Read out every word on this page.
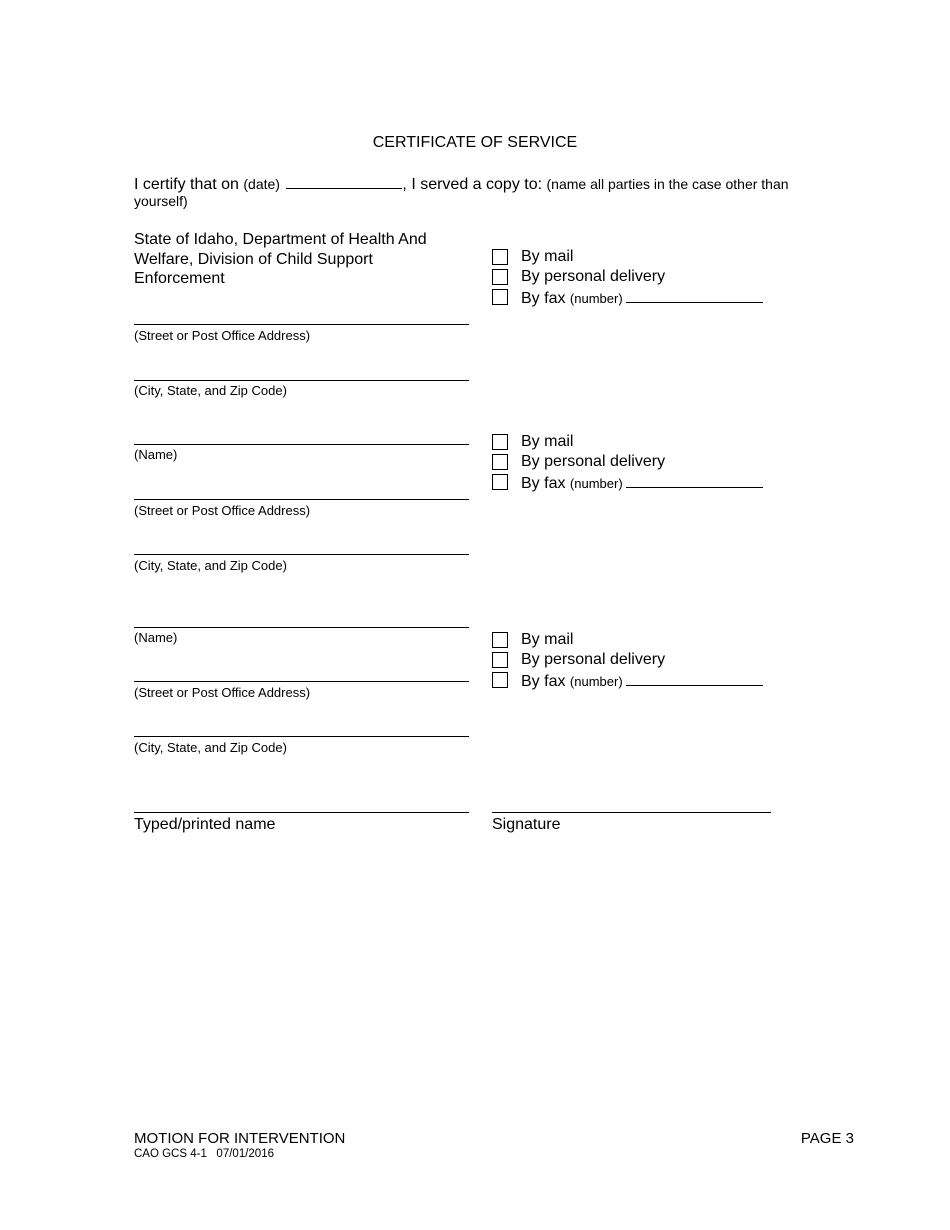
CERTIFICATE OF SERVICE
I certify that on (date)	, I served a copy to: (name all parties in the case other than yourself)
State of Idaho, Department of Health And Welfare, Division of Child Support Enforcement
By mail
By personal delivery
By fax (number)
(Street or Post Office Address)
(City, State, and Zip Code)
(Name)
By mail
By personal delivery
By fax (number)
(Street or Post Office Address)
(City, State, and Zip Code)
(Name)	By mail
By personal delivery
By fax (number)
(Street or Post Office Address)
(City, State, and Zip Code)
Typed/printed name	Signature
MOTION FOR INTERVENTION
CAO GCS 4-1   07/01/2016
PAGE 3
